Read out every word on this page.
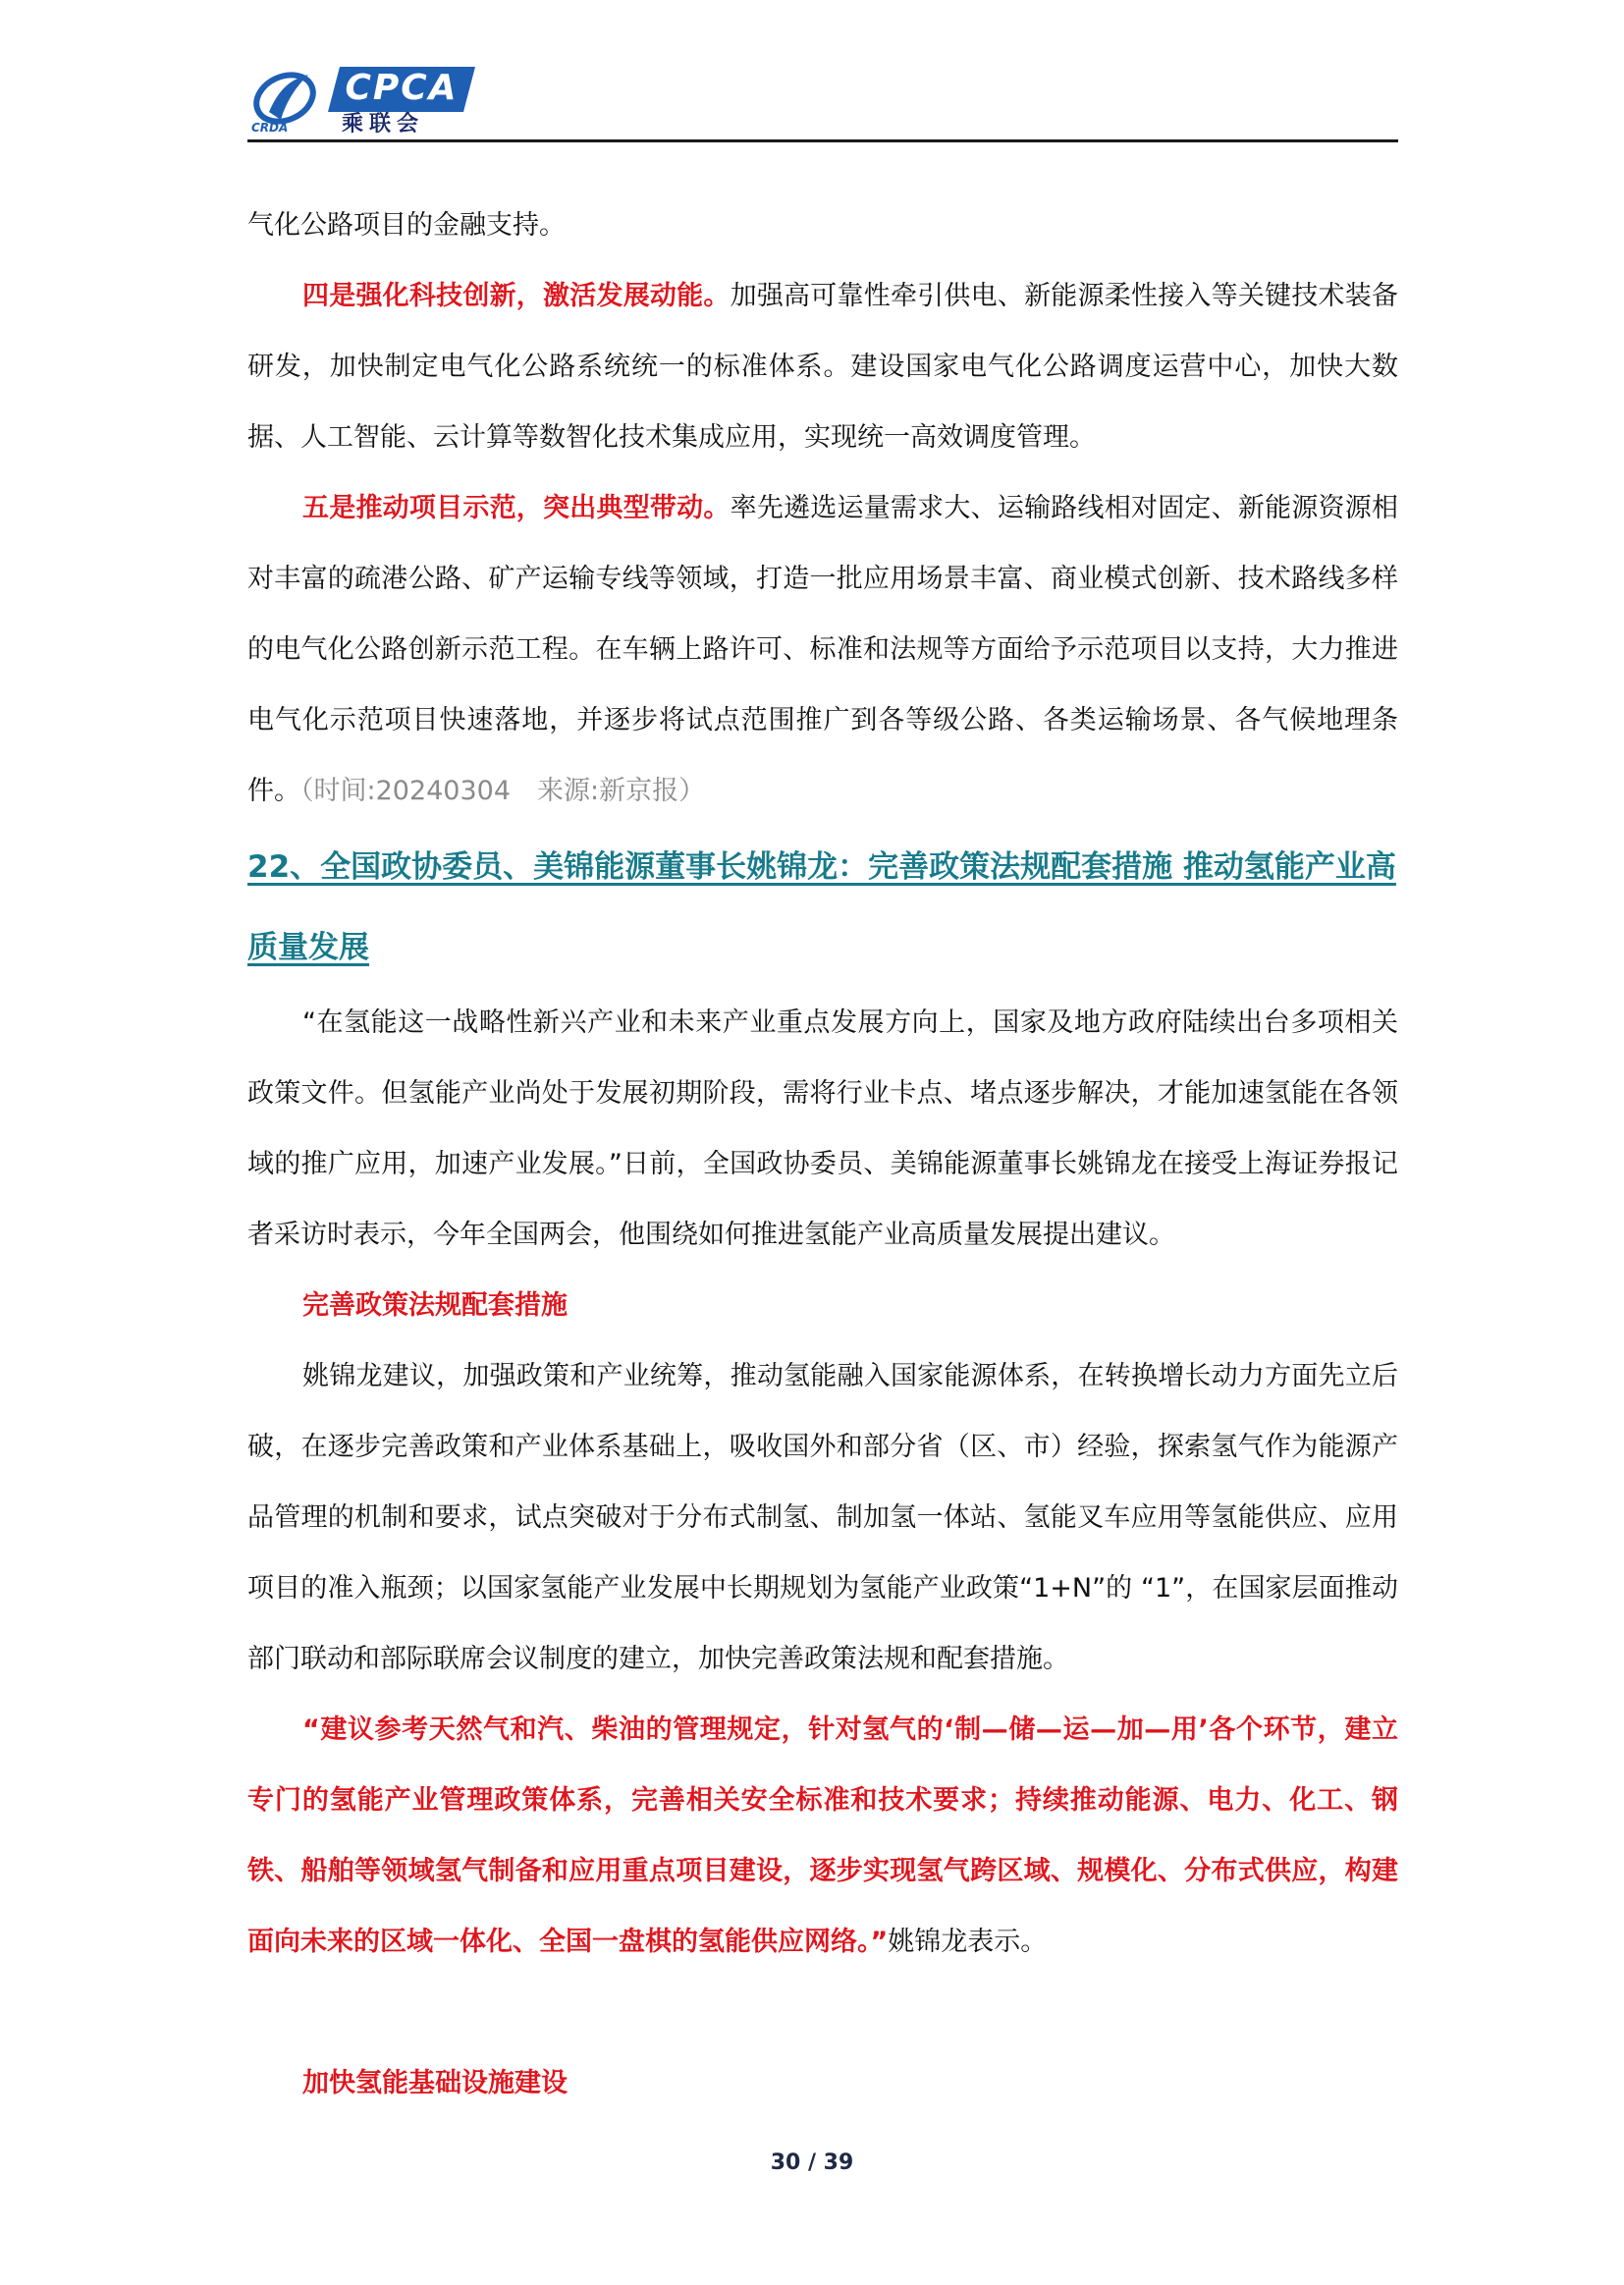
CRDA
CPCA
乘联会

气化公路项目的金融支持。

四是强化科技创新，激活发展动能。加强高可靠性牵引供电、新能源柔性接入等关键技术装备研发，加快制定电气化公路系统统一的标准体系。建设国家电气化公路调度运营中心，加快大数据、人工智能、云计算等数智化技术集成应用，实现统一高效调度管理。

五是推动项目示范，突出典型带动。率先遴选运量需求大、运输路线相对固定、新能源资源相对丰富的疏港公路、矿产运输专线等领域，打造一批应用场景丰富、商业模式创新、技术路线多样的电气化公路创新示范工程。在车辆上路许可、标准和法规等方面给予示范项目以支持，大力推进电气化示范项目快速落地，并逐步将试点范围推广到各等级公路、各类运输场景、各气候地理条件。（时间:20240304　来源:新京报）

22、全国政协委员、美锦能源董事长姚锦龙：完善政策法规配套措施 推动氢能产业高质量发展

“在氢能这一战略性新兴产业和未来产业重点发展方向上，国家及地方政府陆续出台多项相关政策文件。但氢能产业尚处于发展初期阶段，需将行业卡点、堵点逐步解决，才能加速氢能在各领域的推广应用，加速产业发展。”日前，全国政协委员、美锦能源董事长姚锦龙在接受上海证券报记者采访时表示，今年全国两会，他围绕如何推进氢能产业高质量发展提出建议。

完善政策法规配套措施

姚锦龙建议，加强政策和产业统筹，推动氢能融入国家能源体系，在转换增长动力方面先立后破，在逐步完善政策和产业体系基础上，吸收国外和部分省（区、市）经验，探索氢气作为能源产品管理的机制和要求，试点突破对于分布式制氢、制加氢一体站、氢能叉车应用等氢能供应、应用项目的准入瓶颈；以国家氢能产业发展中长期规划为氢能产业政策“1+N”的 “1”，在国家层面推动部门联动和部际联席会议制度的建立，加快完善政策法规和配套措施。

“建议参考天然气和汽、柴油的管理规定，针对氢气的‘制—储—运—加—用’各个环节，建立专门的氢能产业管理政策体系，完善相关安全标准和技术要求；持续推动能源、电力、化工、钢铁、船舶等领域氢气制备和应用重点项目建设，逐步实现氢气跨区域、规模化、分布式供应，构建面向未来的区域一体化、全国一盘棋的氢能供应网络。”姚锦龙表示。

加快氢能基础设施建设

30 / 39
